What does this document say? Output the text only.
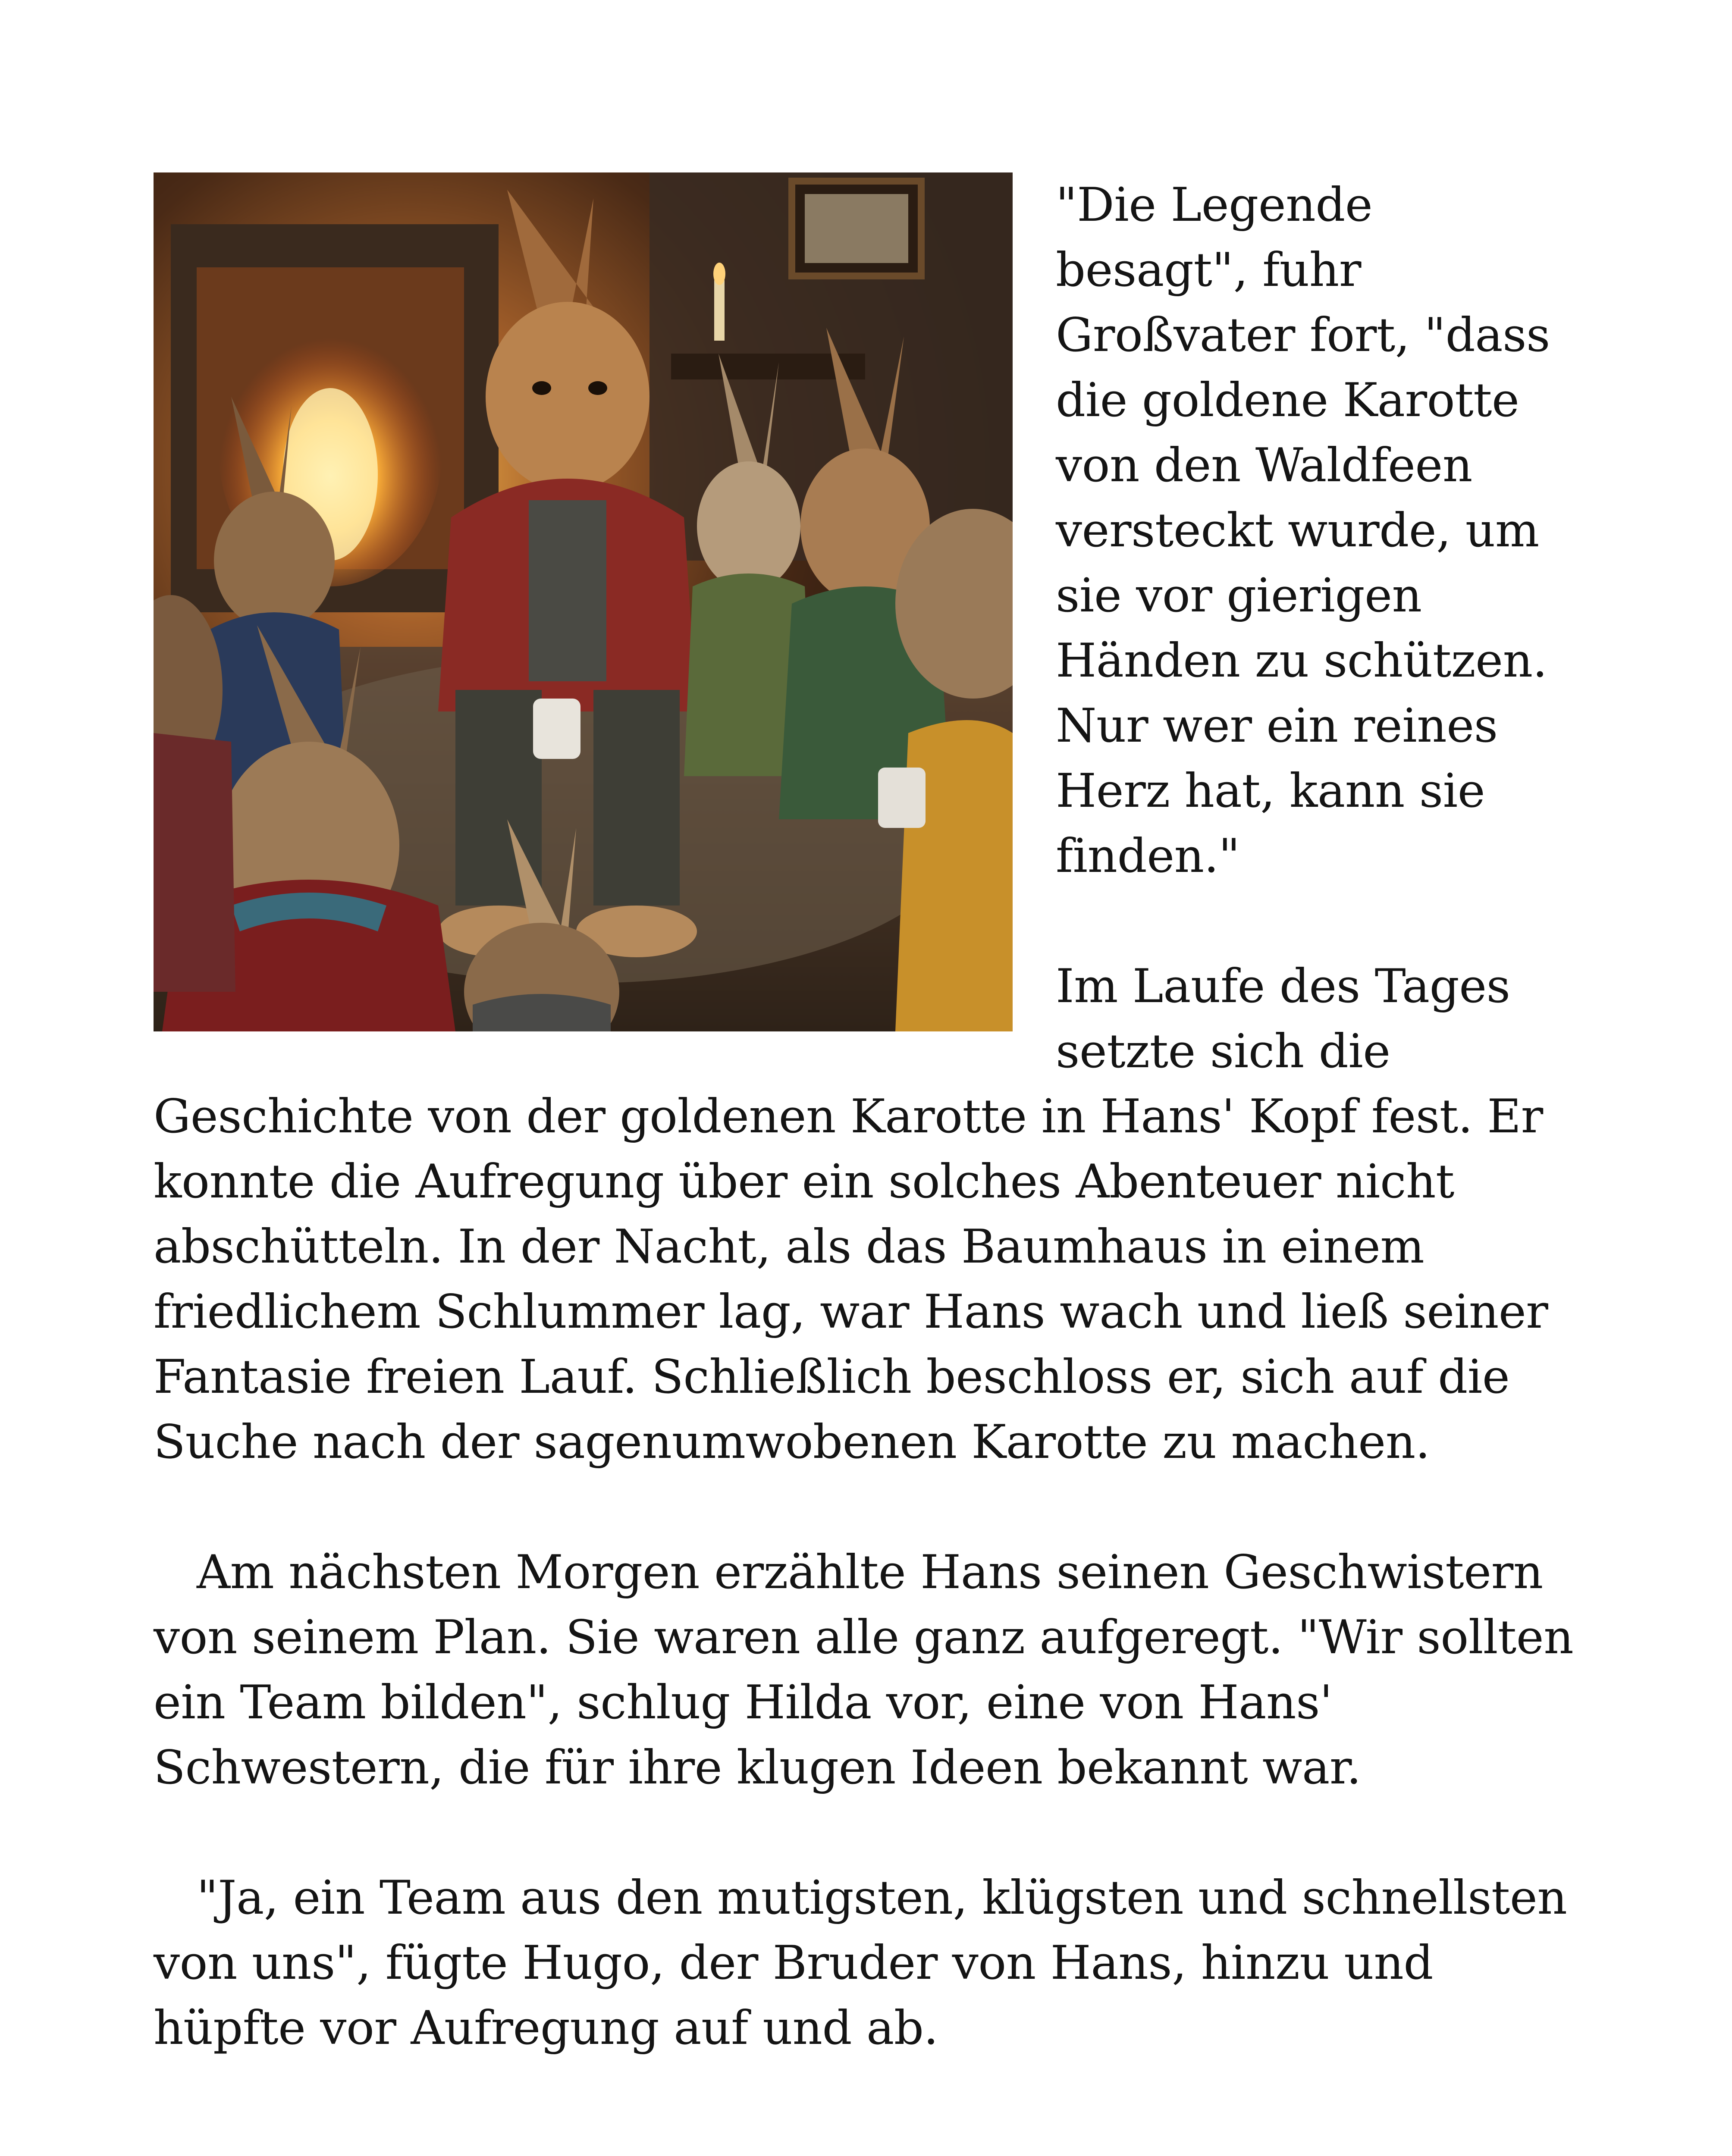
"Die Legende besagt", fuhr Großvater fort, "dass die goldene Karotte von den Waldfeen versteckt wurde, um sie vor gierigen Händen zu schützen. Nur wer ein reines Herz hat, kann sie finden."

Im Laufe des Tages setzte sich die Geschichte von der goldenen Karotte in Hans' Kopf fest. Er konnte die Aufregung über ein solches Abenteuer nicht abschütteln. In der Nacht, als das Baumhaus in einem friedlichem Schlummer lag, war Hans wach und ließ seiner Fantasie freien Lauf. Schließlich beschloss er, sich auf die Suche nach der sagenumwobenen Karotte zu machen.

Am nächsten Morgen erzählte Hans seinen Geschwistern von seinem Plan. Sie waren alle ganz aufgeregt. "Wir sollten ein Team bilden", schlug Hilda vor, eine von Hans' Schwestern, die für ihre klugen Ideen bekannt war.

"Ja, ein Team aus den mutigsten, klügsten und schnellsten von uns", fügte Hugo, der Bruder von Hans, hinzu und hüpfte vor Aufregung auf und ab.
